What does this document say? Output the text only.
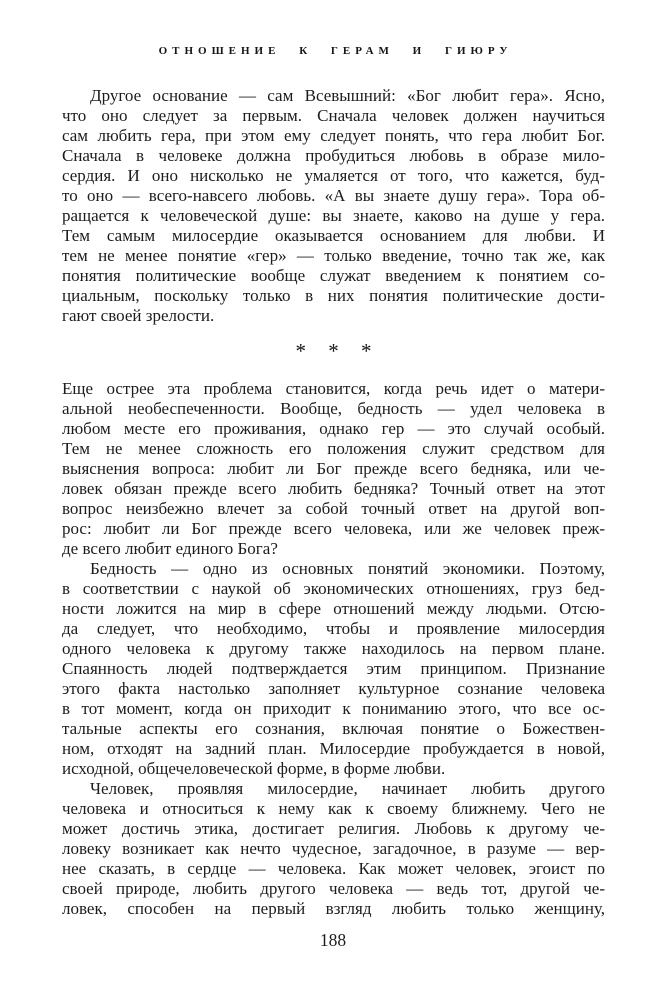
ОТНОШЕНИЕ К ГЕРАМ И ГИЮРУ
Другое основание — сам Всевышний: «Бог любит гера». Ясно,
что оно следует за первым. Сначала человек должен научиться
сам любить гера, при этом ему следует понять, что гера любит Бог.
Сначала в человеке должна пробудиться любовь в образе мило-
сердия. И оно нисколько не умаляется от того, что кажется, буд-
то оно — всего-навсего любовь. «А вы знаете душу гера». Тора об-
ращается к человеческой душе: вы знаете, каково на душе у гера.
Тем самым милосердие оказывается основанием для любви. И
тем не менее понятие «гер» — только введение, точно так же, как
понятия политические вообще служат введением к понятием со-
циальным, поскольку только в них понятия политические дости-
гают своей зрелости.
* * *
Еще острее эта проблема становится, когда речь идет о матери-
альной необеспеченности. Вообще, бедность — удел человека в
любом месте его проживания, однако гер — это случай особый.
Тем не менее сложность его положения служит средством для
выяснения вопроса: любит ли Бог прежде всего бедняка, или че-
ловек обязан прежде всего любить бедняка? Точный ответ на этот
вопрос неизбежно влечет за собой точный ответ на другой воп-
рос: любит ли Бог прежде всего человека, или же человек преж-
де всего любит единого Бога?
Бедность — одно из основных понятий экономики. Поэтому,
в соответствии с наукой об экономических отношениях, груз бед-
ности ложится на мир в сфере отношений между людьми. Отсю-
да следует, что необходимо, чтобы и проявление милосердия
одного человека к другому также находилось на первом плане.
Спаянность людей подтверждается этим принципом. Признание
этого факта настолько заполняет культурное сознание человека
в тот момент, когда он приходит к пониманию этого, что все ос-
тальные аспекты его сознания, включая понятие о Божествен-
ном, отходят на задний план. Милосердие пробуждается в новой,
исходной, общечеловеческой форме, в форме любви.
Человек, проявляя милосердие, начинает любить другого
человека и относиться к нему как к своему ближнему. Чего не
может достичь этика, достигает религия. Любовь к другому че-
ловеку возникает как нечто чудесное, загадочное, в разуме — вер-
нее сказать, в сердце — человека. Как может человек, эгоист по
своей природе, любить другого человека — ведь тот, другой че-
ловек, способен на первый взгляд любить только женщину,
188
